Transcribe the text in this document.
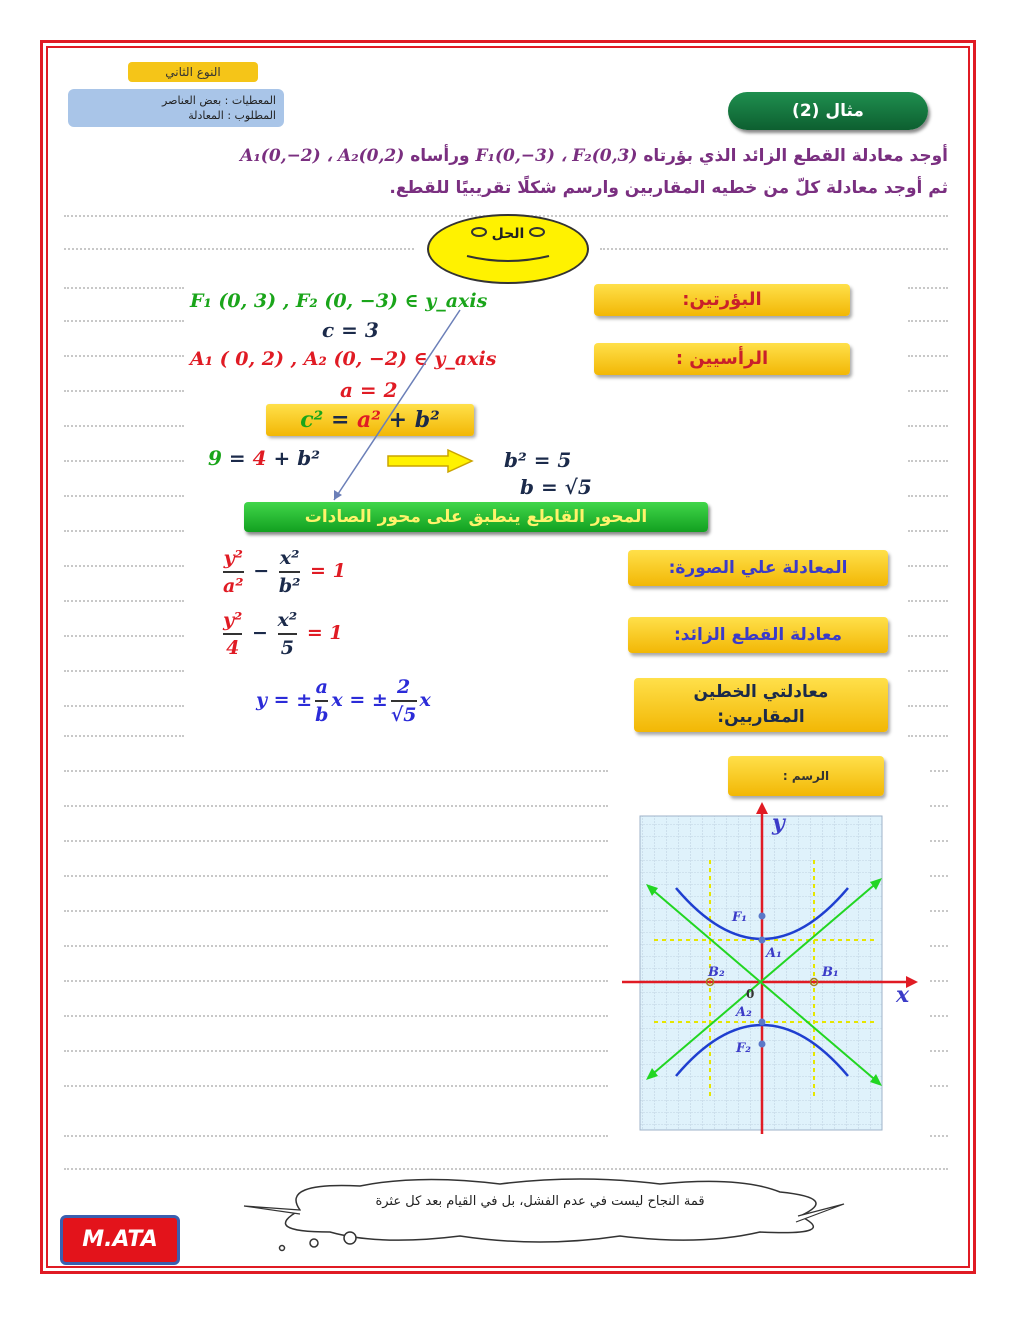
النوع الثاني
المعطيات : بعض العناصر
المطلوب : المعادلة	مثال (2)
أوجد معادلة القطع الزائد الذي بؤرتاه F₁(0,−3) ، F₂(0,3) ورأساه A₁(0,−2) ، A₂(0,2)
ثم أوجد معادلة كلّ من خطيه المقاربين وارسم شكلًا تقريبيًا للقطع.
الحل
البؤرتين:
F₁ (0, 3) , F₂ (0, −3) ∈ y_axis
c = 3
الرأسيين :
A₁ ( 0, 2) , A₂ (0, −2) ∈ y_axis
a = 2
c² = a² + b²
9 = 4 + b²	b² = 5
b = √5
المحور القاطع ينطبق على محور الصادات
المعادلة علي الصورة:
$\frac{\text{y²}}{\text{a²}} - \frac{\text{x²}}{\text{b²}} = 1$
معادلة القطع الزائد:
$\frac{\text{y²}}{4} - \frac{\text{x²}}{5} = 1$
معادلتي الخطين
المقاربين:
y = ± $\frac{a}{b}$ x = ± $\frac{2}{√5}$ x
الرسم :
y
x
0
F₁
A₁
B₂	B₁
A₂
F₂
قمة النجاح ليست في عدم الفشل، بل في القيام بعد كل عثرة
M.ATA
